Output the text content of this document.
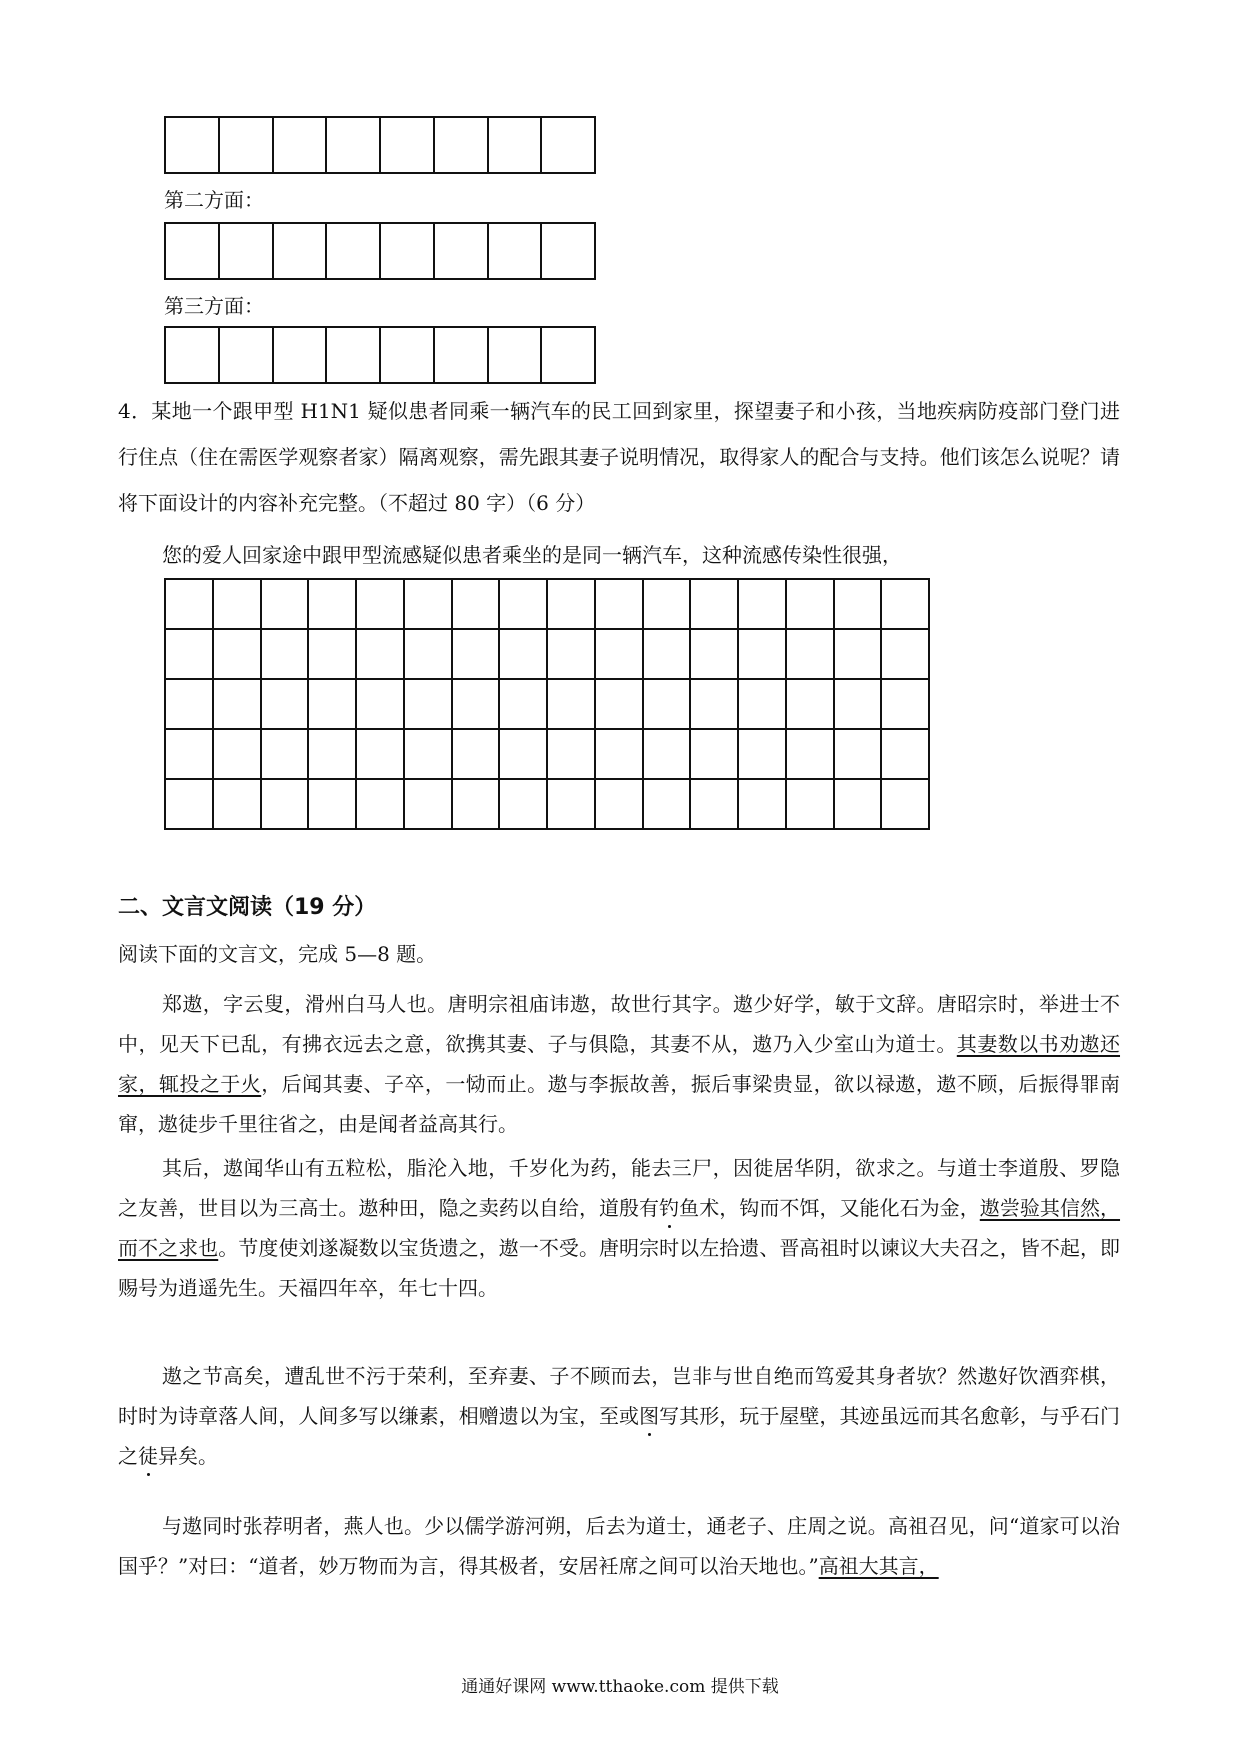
第二方面：
第三方面：
4．某地一个跟甲型 H1N1 疑似患者同乘一辆汽车的民工回到家里，探望妻子和小孩，当地疾病防疫部门登门进行住点（住在需医学观察者家）隔离观察，需先跟其妻子说明情况，取得家人的配合与支持。他们该怎么说呢？请将下面设计的内容补充完整。（不超过 80 字）（6 分）
您的爱人回家途中跟甲型流感疑似患者乘坐的是同一辆汽车，这种流感传染性很强，
二、文言文阅读（19 分）
阅读下面的文言文，完成 5—8 题。
郑遨，字云叟，滑州白马人也。唐明宗祖庙讳遨，故世行其字。遨少好学，敏于文辞。唐昭宗时，举进士不中，见天下已乱，有拂衣远去之意，欲携其妻、子与俱隐，其妻不从，遨乃入少室山为道士。其妻数以书劝遨还家，辄投之于火，后闻其妻、子卒，一恸而止。遨与李振故善，振后事梁贵显，欲以禄遨，遨不顾，后振得罪南窜，遨徒步千里往省之，由是闻者益高其行。
其后，遨闻华山有五粒松，脂沦入地，千岁化为药，能去三尸，因徙居华阴，欲求之。与道士李道殷、罗隐之友善，世目以为三高士。遨种田，隐之卖药以自给，道殷有钓鱼术，钩而不饵，又能化石为金，遨尝验其信然，而不之求也。节度使刘遂凝数以宝货遗之，遨一不受。唐明宗时以左拾遗、晋高祖时以谏议大夫召之，皆不起，即赐号为逍遥先生。天福四年卒，年七十四。
遨之节高矣，遭乱世不污于荣利，至弃妻、子不顾而去，岂非与世自绝而笃爱其身者欤？然遨好饮酒弈棋，时时为诗章落人间，人间多写以缣素，相赠遗以为宝，至或图写其形，玩于屋壁，其迹虽远而其名愈彰，与乎石门之徒异矣。
与遨同时张荐明者，燕人也。少以儒学游河朔，后去为道士，通老子、庄周之说。高祖召见，问“道家可以治国乎？”对曰：“道者，妙万物而为言，得其极者，安居衽席之间可以治天地也。”高祖大其言，
通通好课网 www.tthaoke.com 提供下载
